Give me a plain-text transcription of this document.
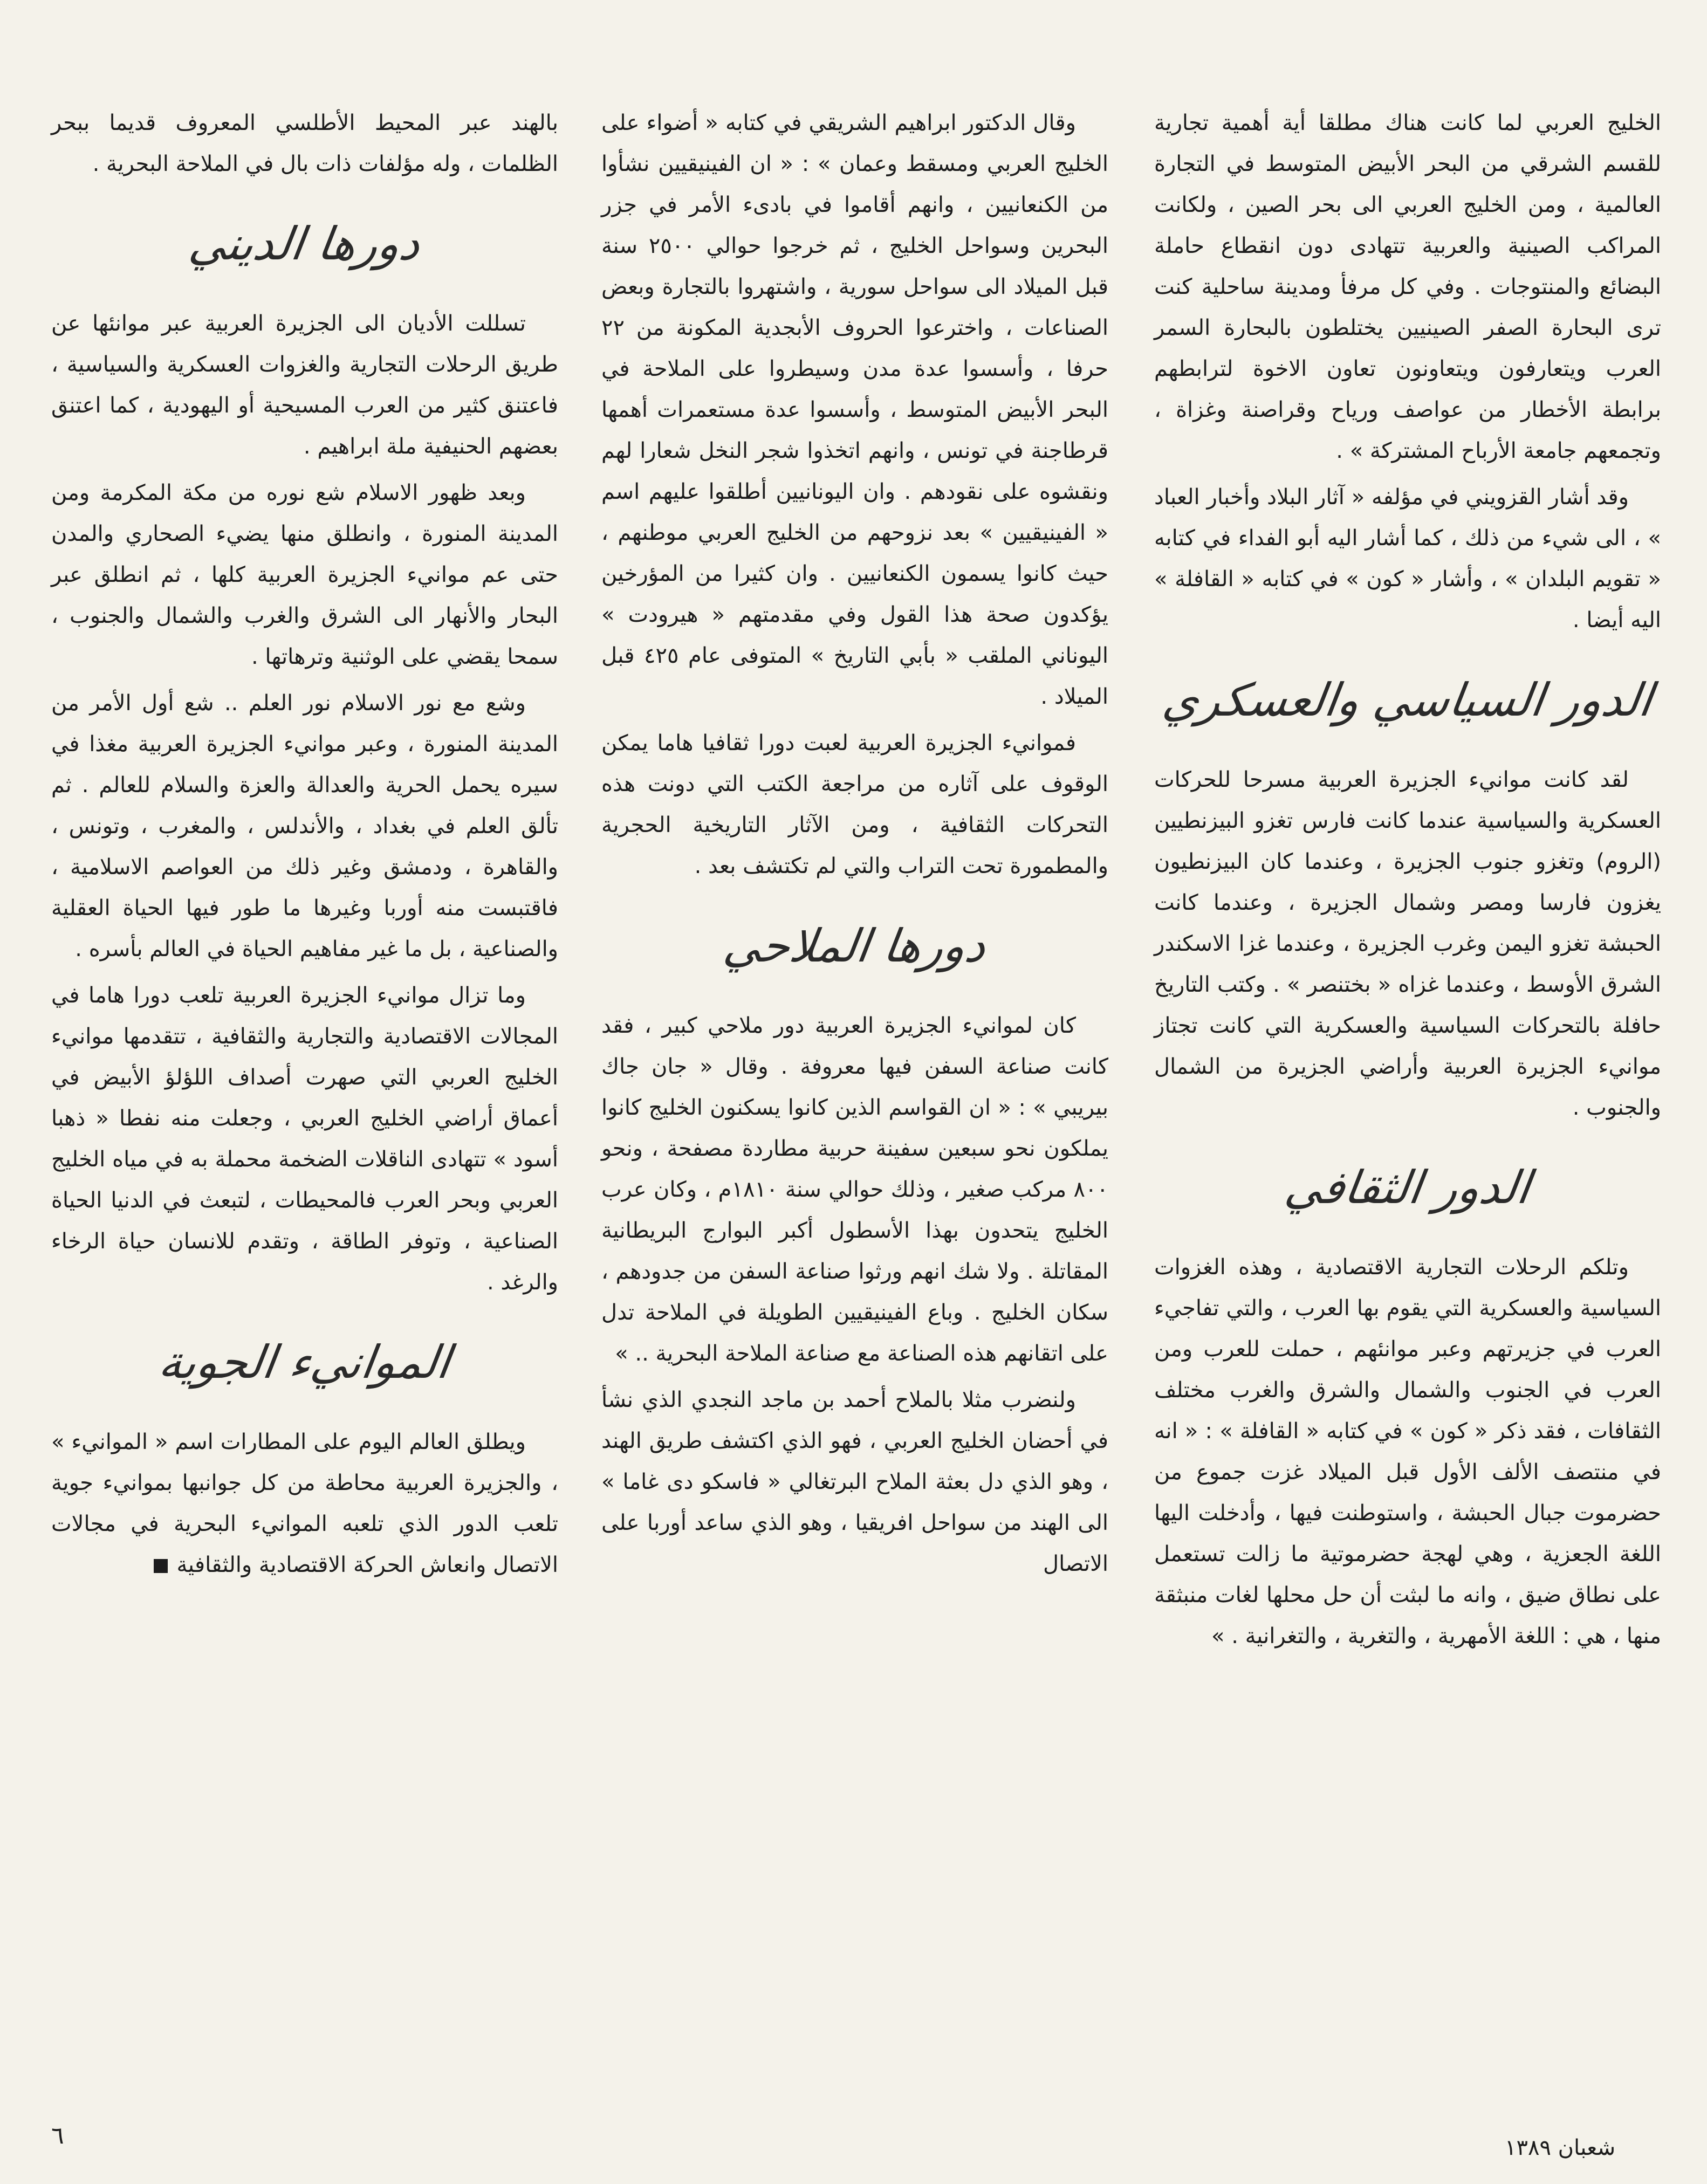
الخليج العربي لما كانت هناك مطلقا أية أهمية تجارية للقسم الشرقي من البحر الأبيض المتوسط في التجارة العالمية ، ومن الخليج العربي الى بحر الصين ، ولكانت المراكب الصينية والعربية تتهادى دون انقطاع حاملة البضائع والمنتوجات . وفي كل مرفأ ومدينة ساحلية كنت ترى البحارة الصفر الصينيين يختلطون بالبحارة السمر العرب ويتعارفون ويتعاونون تعاون الاخوة لترابطهم برابطة الأخطار من عواصف ورياح وقراصنة وغزاة ، وتجمعهم جامعة الأرباح المشتركة » .

وقد أشار القزويني في مؤلفه « آثار البلاد وأخبار العباد » ، الى شيء من ذلك ، كما أشار اليه أبو الفداء في كتابه « تقويم البلدان » ، وأشار « كون » في كتابه « القافلة » اليه أيضا .

الدور السياسي والعسكري

لقد كانت موانيء الجزيرة العربية مسرحا للحركات العسكرية والسياسية عندما كانت فارس تغزو البيزنطيين (الروم) وتغزو جنوب الجزيرة ، وعندما كان البيزنطيون يغزون فارسا ومصر وشمال الجزيرة ، وعندما كانت الحبشة تغزو اليمن وغرب الجزيرة ، وعندما غزا الاسكندر الشرق الأوسط ، وعندما غزاه « بختنصر » . وكتب التاريخ حافلة بالتحركات السياسية والعسكرية التي كانت تجتاز موانيء الجزيرة العربية وأراضي الجزيرة من الشمال والجنوب .

الدور الثقافي

وتلكم الرحلات التجارية الاقتصادية ، وهذه الغزوات السياسية والعسكرية التي يقوم بها العرب ، والتي تفاجيء العرب في جزيرتهم وعبر موانئهم ، حملت للعرب ومن العرب في الجنوب والشمال والشرق والغرب مختلف الثقافات ، فقد ذكر « كون » في كتابه « القافلة » : « انه في منتصف الألف الأول قبل الميلاد غزت جموع من حضرموت جبال الحبشة ، واستوطنت فيها ، وأدخلت اليها اللغة الجعزية ، وهي لهجة حضرموتية ما زالت تستعمل على نطاق ضيق ، وانه ما لبثت أن حل محلها لغات منبثقة منها ، هي : اللغة الأمهرية ، والتغرية ، والتغرانية . »

وقال الدكتور ابراهيم الشريقي في كتابه « أضواء على الخليج العربي ومسقط وعمان » : « ان الفينيقيين نشأوا من الكنعانيين ، وانهم أقاموا في بادىء الأمر في جزر البحرين وسواحل الخليج ، ثم خرجوا حوالي ٢٥٠٠ سنة قبل الميلاد الى سواحل سورية ، واشتهروا بالتجارة وبعض الصناعات ، واخترعوا الحروف الأبجدية المكونة من ٢٢ حرفا ، وأسسوا عدة مدن وسيطروا على الملاحة في البحر الأبيض المتوسط ، وأسسوا عدة مستعمرات أهمها قرطاجنة في تونس ، وانهم اتخذوا شجر النخل شعارا لهم ونقشوه على نقودهم . وان اليونانيين أطلقوا عليهم اسم « الفينيقيين » بعد نزوحهم من الخليج العربي موطنهم ، حيث كانوا يسمون الكنعانيين . وان كثيرا من المؤرخين يؤكدون صحة هذا القول وفي مقدمتهم « هيرودت » اليوناني الملقب « بأبي التاريخ » المتوفى عام ٤٢٥ قبل الميلاد .

فموانيء الجزيرة العربية لعبت دورا ثقافيا هاما يمكن الوقوف على آثاره من مراجعة الكتب التي دونت هذه التحركات الثقافية ، ومن الآثار التاريخية الحجرية والمطمورة تحت التراب والتي لم تكتشف بعد .

دورها الملاحي

كان لموانيء الجزيرة العربية دور ملاحي كبير ، فقد كانت صناعة السفن فيها معروفة . وقال « جان جاك بيريبي » : « ان القواسم الذين كانوا يسكنون الخليج كانوا يملكون نحو سبعين سفينة حربية مطاردة مصفحة ، ونحو ٨٠٠ مركب صغير ، وذلك حوالي سنة ١٨١٠م ، وكان عرب الخليج يتحدون بهذا الأسطول أكبر البوارج البريطانية المقاتلة . ولا شك انهم ورثوا صناعة السفن من جدودهم ، سكان الخليج . وباع الفينيقيين الطويلة في الملاحة تدل على اتقانهم هذه الصناعة مع صناعة الملاحة البحرية .. »

ولنضرب مثلا بالملاح أحمد بن ماجد النجدي الذي نشأ في أحضان الخليج العربي ، فهو الذي اكتشف طريق الهند ، وهو الذي دل بعثة الملاح البرتغالي « فاسكو دى غاما » الى الهند من سواحل افريقيا ، وهو الذي ساعد أوربا على الاتصال

بالهند عبر المحيط الأطلسي المعروف قديما ببحر الظلمات ، وله مؤلفات ذات بال في الملاحة البحرية .

دورها الديني

تسللت الأديان الى الجزيرة العربية عبر موانئها عن طريق الرحلات التجارية والغزوات العسكرية والسياسية ، فاعتنق كثير من العرب المسيحية أو اليهودية ، كما اعتنق بعضهم الحنيفية ملة ابراهيم .

وبعد ظهور الاسلام شع نوره من مكة المكرمة ومن المدينة المنورة ، وانطلق منها يضيء الصحاري والمدن حتى عم موانيء الجزيرة العربية كلها ، ثم انطلق عبر البحار والأنهار الى الشرق والغرب والشمال والجنوب ، سمحا يقضي على الوثنية وترهاتها .

وشع مع نور الاسلام نور العلم .. شع أول الأمر من المدينة المنورة ، وعبر موانيء الجزيرة العربية مغذا في سيره يحمل الحرية والعدالة والعزة والسلام للعالم . ثم تألق العلم في بغداد ، والأندلس ، والمغرب ، وتونس ، والقاهرة ، ودمشق وغير ذلك من العواصم الاسلامية ، فاقتبست منه أوربا وغيرها ما طور فيها الحياة العقلية والصناعية ، بل ما غير مفاهيم الحياة في العالم بأسره .

وما تزال موانيء الجزيرة العربية تلعب دورا هاما في المجالات الاقتصادية والتجارية والثقافية ، تتقدمها موانيء الخليج العربي التي صهرت أصداف اللؤلؤ الأبيض في أعماق أراضي الخليج العربي ، وجعلت منه نفطا « ذهبا أسود » تتهادى الناقلات الضخمة محملة به في مياه الخليج العربي وبحر العرب فالمحيطات ، لتبعث في الدنيا الحياة الصناعية ، وتوفر الطاقة ، وتقدم للانسان حياة الرخاء والرغد .

الموانيء الجوية

ويطلق العالم اليوم على المطارات اسم « الموانيء » ، والجزيرة العربية محاطة من كل جوانبها بموانيء جوية تلعب الدور الذي تلعبه الموانيء البحرية في مجالات الاتصال وانعاش الحركة الاقتصادية والثقافية

٦	شعبان ١٣٨٩
